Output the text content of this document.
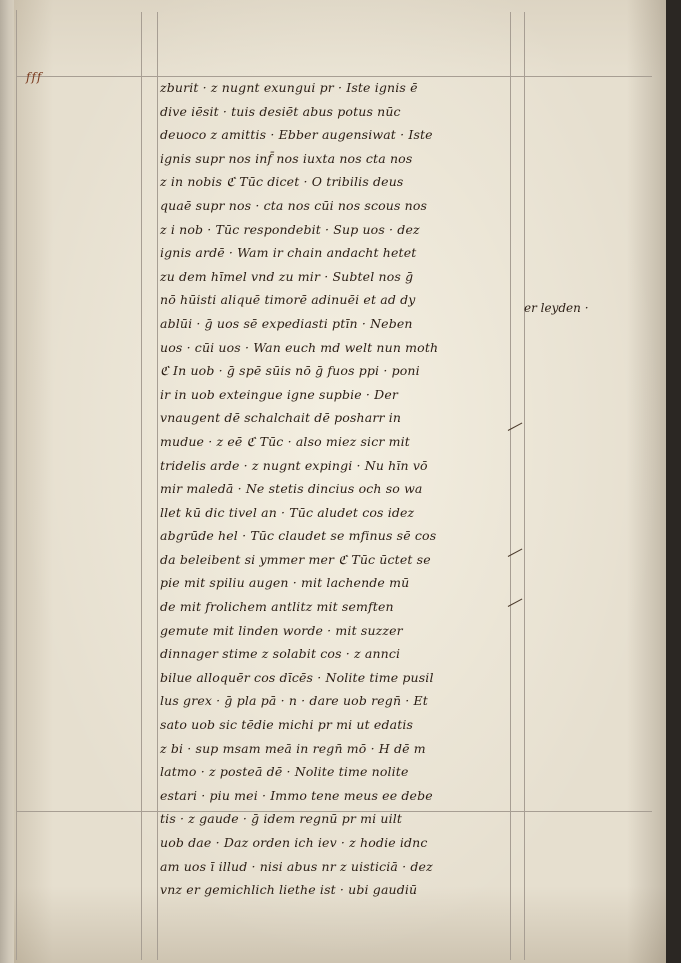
fff
zburit · z nugnt exungui pr · Iste ignis ē
dive iēsit · tuis desiēt abus potus nūc
deuoco z amittis · Ebber augensiwat · Iste
ignis supr nos inf̄ nos iuxta nos cta nos
z in nobis ℭ Tūc dicet · O tribilis deus
quaē supr nos · cta nos cūi nos scous nos
z i nob · Tūc respondebit · Sup uos · dez
ignis ardē · Wam ir chain andacht hetet
zu dem hīmel vnd zu mir · Subtel nos ḡ
nō hūisti aliquē timorē adinuēi et ad dy
ablūi · ḡ uos sē expediasti ptīn · Neben
uos · cūi uos · Wan euch md welt nun moth
ℭ In uob · ḡ spē sūis nō ḡ fuos ppi · poni
ir in uob exteingue igne supbie · Der
vnaugent dē schalchait dē posharr in
mudue · z eē ℭ Tūc · also miez sicr mit
tridelis arde · z nugnt expingi · Nu hīn vō
mir maledā · Ne stetis dincius och so wa
llet kū dic tivel an · Tūc aludet cos idez
abgrūde hel · Tūc claudet se mfinus sē cos
da beleibent si ymmer mer ℭ Tūc ūctet se
pie mit spiliu augen · mit lachende mū
de mit frolichem antlitz mit semften
gemute mit linden worde · mit suzzer
dinnager stime z solabit cos · z annci
bilue alloquēr cos dīcēs · Nolite time pusil
lus grex · ḡ pla pā · n · dare uob regn̄ · Et
sato uob sic tēdie michi pr mi ut edatis
z bi · sup msam meā in regn̄ mō · H dē m
latmo · z posteā dē · Nolite time nolite
estari · piu mei · Immo tene meus ee debe
tis · z gaude · ḡ idem regnū pr mi uilt
uob dae · Daz orden ich iev · z hodie idnc
am uos ī illud · nisi abus nr z uisticiā · dez
vnz er gemichlich liethe ist · ubi gaudiū
er leyden ·
